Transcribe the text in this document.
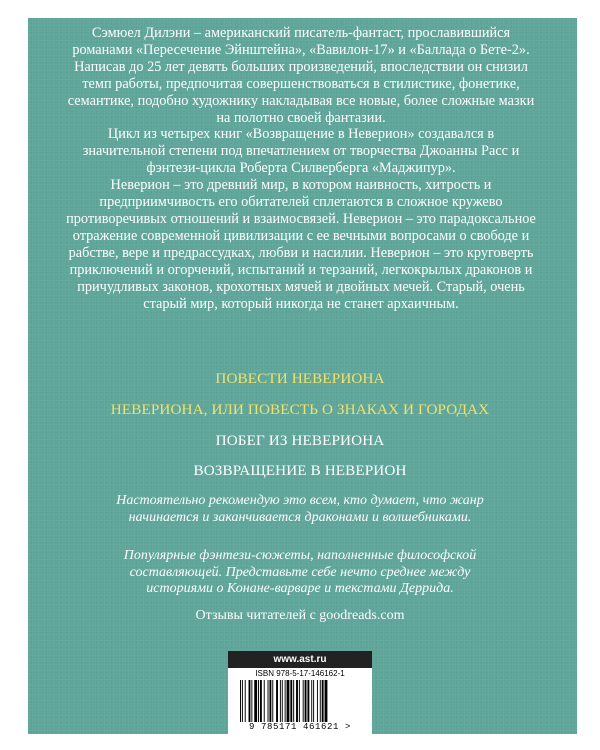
Сэмюел Дилэни – американский писатель-фантаст, прославившийся романами «Пересечение Эйнштейна», «Вавилон-17» и «Баллада о Бете-2». Написав до 25 лет девять больших произведений, впоследствии он снизил темп работы, предпочитая совершенствоваться в стилистике, фонетике, семантике, подобно художнику накладывая все новые, более сложные мазки на полотно своей фантазии.

Цикл из четырех книг «Возвращение в Неверион» создавался в значительной степени под впечатлением от творчества Джоанны Расс и фэнтези-цикла Роберта Силверберга «Маджипур».

Неверион – это древний мир, в котором наивность, хитрость и предприимчивость его обитателей сплетаются в сложное кружево противоречивых отношений и взаимосвязей. Неверион – это парадоксальное отражение современной цивилизации с ее вечными вопросами о свободе и рабстве, вере и предрассудках, любви и насилии. Неверион – это круговерть приключений и огорчений, испытаний и терзаний, легкокрылых драконов и причудливых законов, крохотных мячей и двойных мечей. Старый, очень старый мир, который никогда не станет архаичным.

ПОВЕСТИ НЕВЕРИОНА

НЕВЕРИОНА, ИЛИ ПОВЕСТЬ О ЗНАКАХ И ГОРОДАХ

ПОБЕГ ИЗ НЕВЕРИОНА

ВОЗВРАЩЕНИЕ В НЕВЕРИОН

Настоятельно рекомендую это всем, кто думает, что жанр начинается и заканчивается драконами и волшебниками.

Популярные фэнтези-сюжеты, наполненные философской составляющей. Представьте себе нечто среднее между историями о Конане-варваре и текстами Деррида.

Отзывы читателей с goodreads.com

www.ast.ru
ISBN 978-5-17-146162-1
9 785171 461621 >
